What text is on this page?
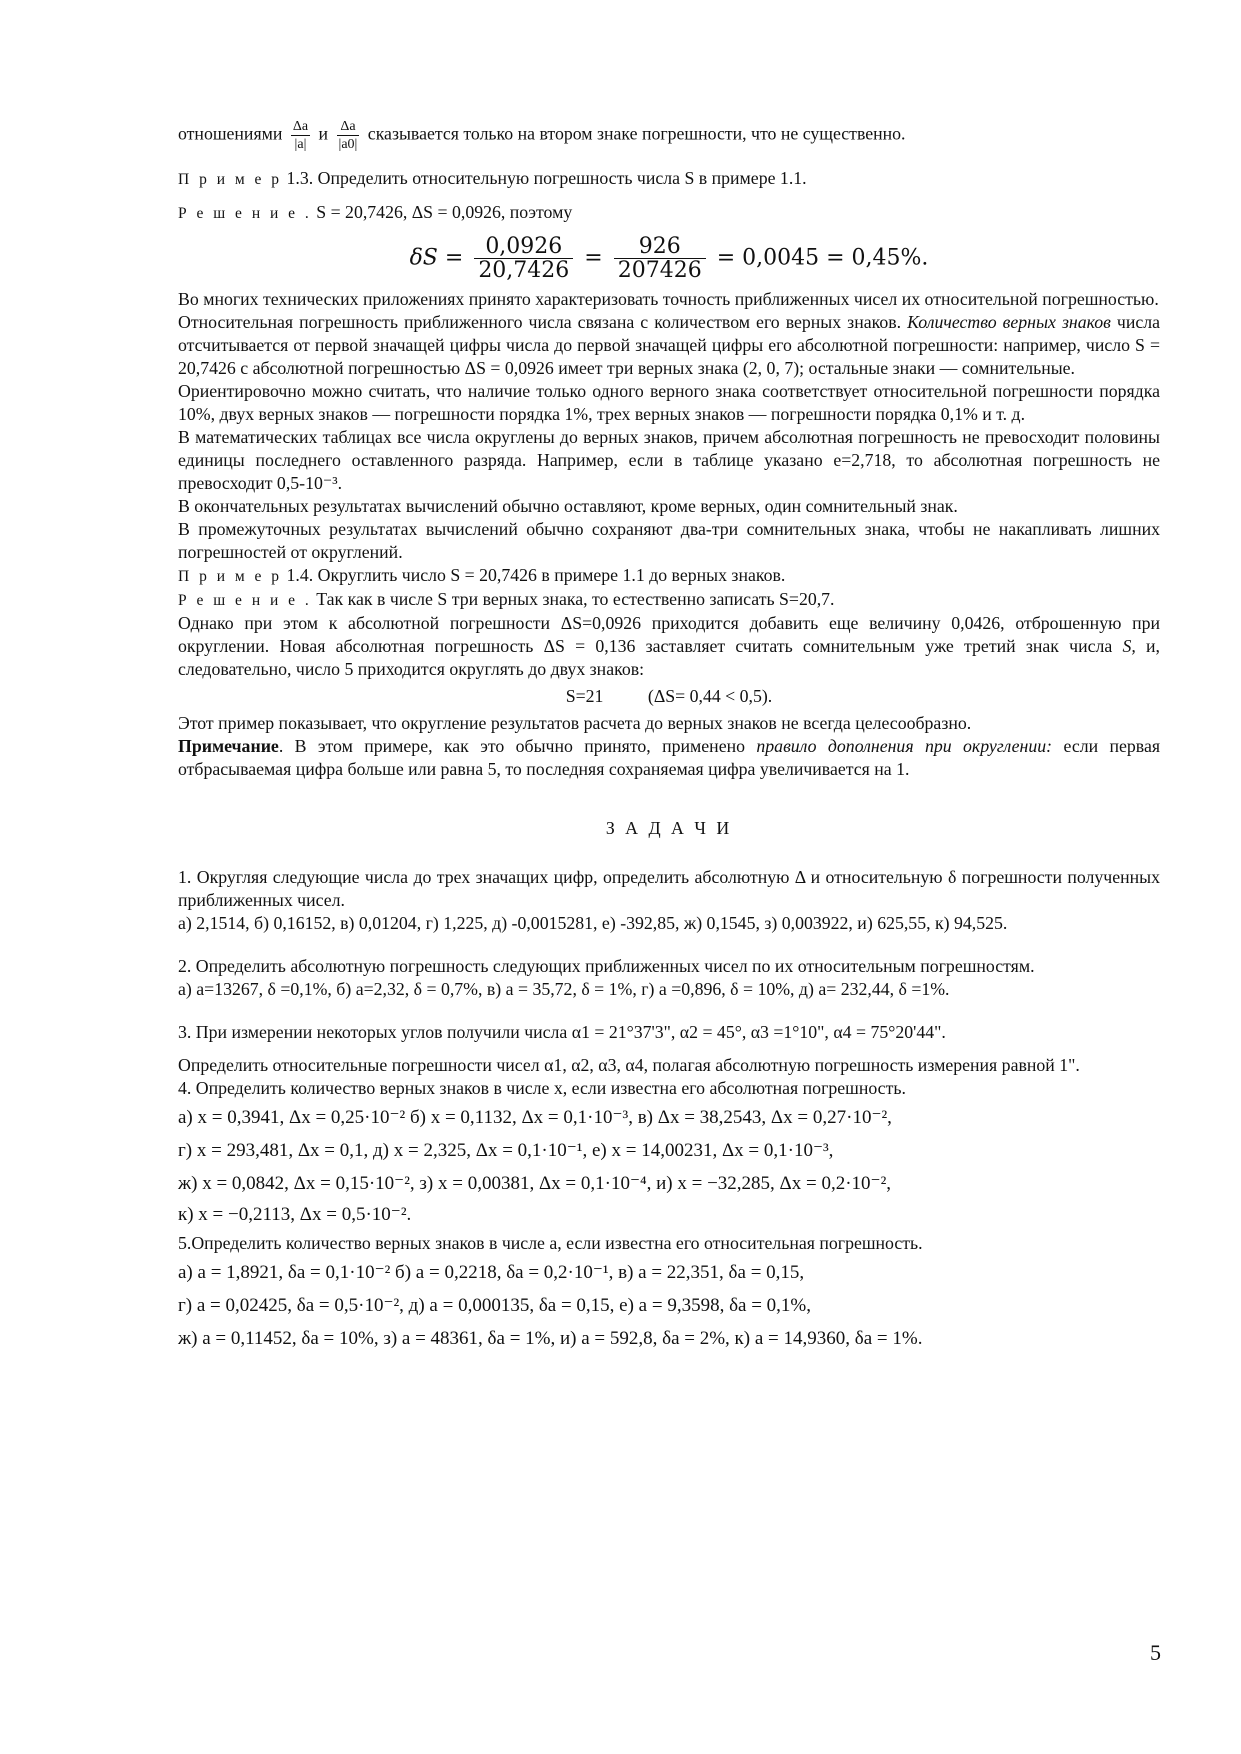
отношениями $\frac{\Delta a}{|a|}$ и $\frac{\Delta a}{|a0|}$ сказывается только на втором знаке погрешности, что не существенно.

П р и м е р 1.3. Определить относительную погрешность числа S в примере 1.1.

Р е ш е н и е . S = 20,7426, ΔS = 0,0926, поэтому

$\delta S = \frac{0,0926}{20,7426} = \frac{926}{207426} = 0,0045 = 0,45\%$.

Во многих технических приложениях принято характеризовать точность приближенных чисел их относительной погрешностью.

Относительная погрешность приближенного числа связана с количеством его верных знаков. Количество верных знаков числа отсчитывается от первой значащей цифры числа до первой значащей цифры его абсолютной погрешности: например, число S = 20,7426 с абсолютной погрешностью ΔS = 0,0926 имеет три верных знака (2, 0, 7); остальные знаки — сомнительные.

Ориентировочно можно считать, что наличие только одного верного знака соответствует относительной погрешности порядка 10%, двух верных знаков — погрешности порядка 1%, трех верных знаков — погрешности порядка 0,1% и т. д.

В математических таблицах все числа округлены до верных знаков, причем абсолютная погрешность не превосходит половины единицы последнего оставленного разряда. Например, если в таблице указано е=2,718, то абсолютная погрешность не превосходит 0,5-10⁻³.

В окончательных результатах вычислений обычно оставляют, кроме верных, один сомнительный знак.

В промежуточных результатах вычислений обычно сохраняют два-три сомнительных знака, чтобы не накапливать лишних погрешностей от округлений.

П р и м е р 1.4. Округлить число S = 20,7426 в примере 1.1 до верных знаков.

Р е ш е н и е . Так как в числе S три верных знака, то естественно записать S=20,7.

Однако при этом к абсолютной погрешности ΔS=0,0926 приходится добавить еще величину 0,0426, отброшенную при округлении. Новая абсолютная погрешность ΔS = 0,136 заставляет считать сомнительным уже третий знак числа S, и, следовательно, число 5 приходится округлять до двух знаков:

S=21          (ΔS= 0,44 < 0,5).

Этот пример показывает, что округление результатов расчета до верных знаков не всегда целесообразно.

Примечание. В этом примере, как это обычно принято, применено правило дополнения при округлении: если первая отбрасываемая цифра больше или равна 5, то последняя сохраняемая цифра увеличивается на 1.

З А Д А Ч И

1. Округляя следующие числа до трех значащих цифр, определить абсолютную Δ и относительную δ погрешности полученных приближенных чисел.

а) 2,1514, б) 0,16152, в) 0,01204, г) 1,225, д) -0,0015281, е) -392,85, ж) 0,1545, з) 0,003922, и) 625,55, к) 94,525.

2. Определить абсолютную погрешность следующих приближенных чисел по их относительным погрешностям.

а) a=13267, δ =0,1%, б) a=2,32, δ = 0,7%, в) a = 35,72, δ = 1%, г) a =0,896, δ = 10%, д) a= 232,44, δ =1%.

3. При измерении некоторых углов получили числа α1 = 21°37'3", α2 = 45°, α3 =1°10", α4 = 75°20'44".

Определить относительные погрешности чисел α1, α2, α3, α4, полагая абсолютную погрешность измерения равной 1".

4. Определить количество верных знаков в числе x, если известна его абсолютная погрешность.

а) x = 0,3941, Δx = 0,25·10⁻² б) x = 0,1132, Δx = 0,1·10⁻³, в) Δx = 38,2543, Δx = 0,27·10⁻²,

г) x = 293,481, Δx = 0,1, д) x = 2,325, Δx = 0,1·10⁻¹, е) x = 14,00231, Δx = 0,1·10⁻³,

ж) x = 0,0842, Δx = 0,15·10⁻², з) x = 0,00381, Δx = 0,1·10⁻⁴, и) x = −32,285, Δx = 0,2·10⁻²,

к) x = −0,2113, Δx = 0,5·10⁻².

5.Определить количество верных знаков в числе a, если известна его относительная погрешность.

а) a = 1,8921, δa = 0,1·10⁻² б) a = 0,2218, δa = 0,2·10⁻¹, в) a = 22,351, δa = 0,15,

г) a = 0,02425, δa = 0,5·10⁻², д) a = 0,000135, δa = 0,15, е) a = 9,3598, δa = 0,1%,

ж) a = 0,11452, δa = 10%, з) a = 48361, δa = 1%, и) a = 592,8, δa = 2%, к) a = 14,9360, δa = 1%.

5
